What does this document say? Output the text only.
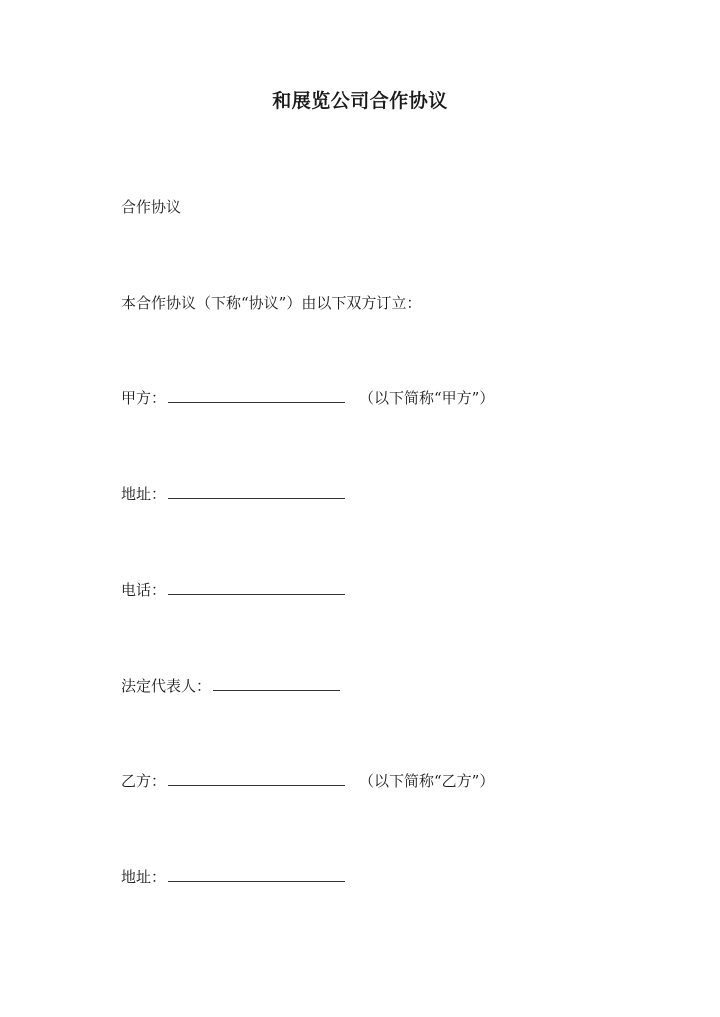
和展览公司合作协议
合作协议
本合作协议（下称“协议”）由以下双方订立：
甲方：	（以下简称“甲方”）
地址：
电话：
法定代表人：
乙方：	（以下简称“乙方”）
地址：
